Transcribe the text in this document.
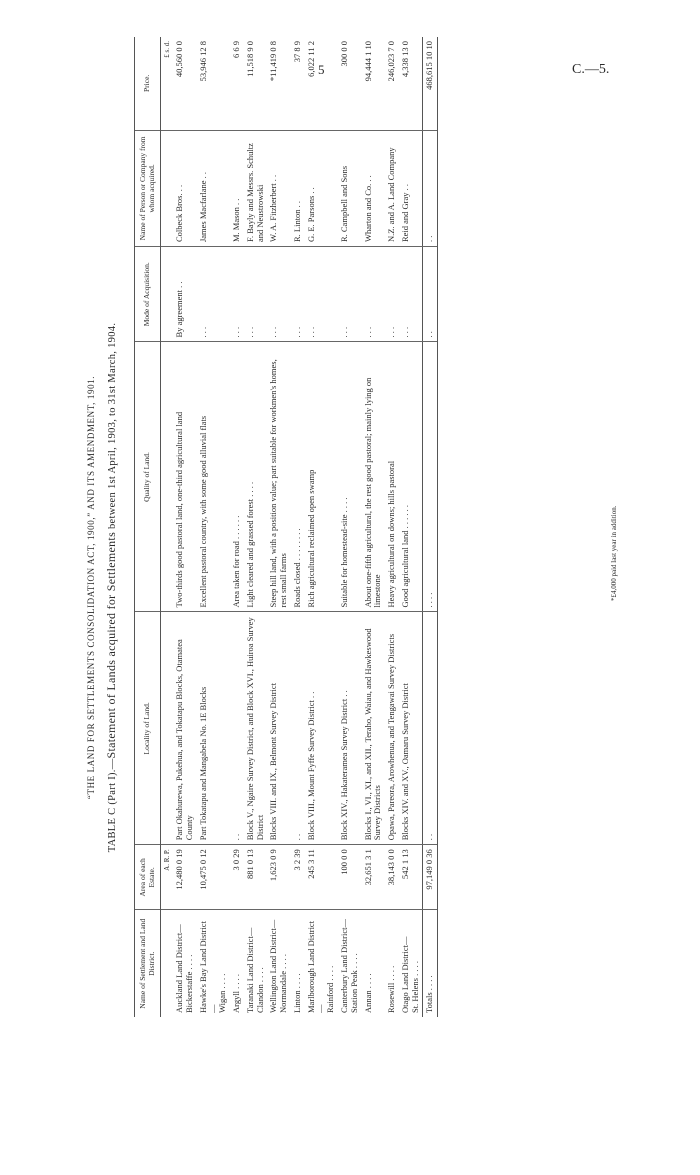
5	C.—5.
“THE LAND FOR SETTLEMENTS CONSOLIDATION ACT, 1900,” AND ITS AMENDMENT, 1901.
TABLE C (Part I).—Statement of Lands acquired for Settlements between 1st April, 1903, to 31st March, 1904.
Name of Settlement and Land District.	Area of each Estate.	Locality of Land.	Quality of Land.	Mode of Acquisition.	Name of Person or Company from whom acquired.	Price.
	A. R. P.					£ s. d.
Auckland Land District—
Bickerstaffe . . . .	12,480 0 19	Part Okahurewa, Pukehua, and Tokatapu Blocks, Otamatea County	Two-thirds good pastoral land, one-third agricultural land	By agreement . .	Colbeck Bros. . .	40,560 0 0
Hawke's Bay Land District—
Wigan . . . .	10,475 0 12	Part Tokatapu and Mangabela No. 1E Blocks	Excellent pastoral country, with some good alluvial flats	. . .	James Macfarlane . .	53,946 12 8
Argyll . . . .	3 0 29	. .	Area taken for road . . . . . .	. . .	M. Mason . .	6 6 9
Taranaki Land District—
Clandon . . . .	881 0 13	Block V., Ngaire Survey District, and Block XVI., Huiroa Survey District	Light cleared and grassed forest . . . .	. . .	F. Bayly and Messrs. Schultz and Neustrowski	11,518 9 0
Wellington Land District—
Normandale . . . .	1,623 0 9	Blocks VIII. and IX., Belmont Survey District	Steep hill land, with a position value; part suitable for workmen's homes, rest small farms	. . .	W. A. Fitzherbert . .	*11,419 0 8
Linton . . . .	3 2 39	. .	Roads closed . . . . . . . .	. . .	R. Linton . .	37 8 9
Marlborough Land District—
Rainford . . . .	245 3 11	Block VIII., Mount Fyffe Survey District . .	Rich agricultural reclaimed open swamp	. . .	G. E. Parsons . .	6,022 11 2
Canterbury Land District—
Station Peak . . . .	100 0 0	Block XIV., Hakateramea Survey District . .	Suitable for homestead-site . . . .	. . .	R. Campbell and Sons	300 0 0
Annan . . . .	32,651 3 1	Blocks I., VI., XI., and XII., Teraho, Waiau, and Hawkeswood Survey Districts	About one-fifth agricultural, the rest good pastoral; mainly lying on limestone	. . .	Wharton and Co. . .	94,444 1 10
Rosewill . . . .	38,143 0 0	Opawa, Pareora, Arowhenua, and Tengawai Survey Districts	Heavy agricultural on downs; hills pastoral	. . .	N.Z. and A. Land Company	246,023 7 0
Otago Land District—
St. Helens . . . .	542 1 13	Blocks XIV. and XV., Oamaru Survey District	Good agricultural land . . . . . .	. . .	Reid and Gray . .	4,338 13 0
Totals . . . .	97,149 0 36	. .	. . . .	. .	. .	468,615 10 10
*£4,000 paid last year in addition.
